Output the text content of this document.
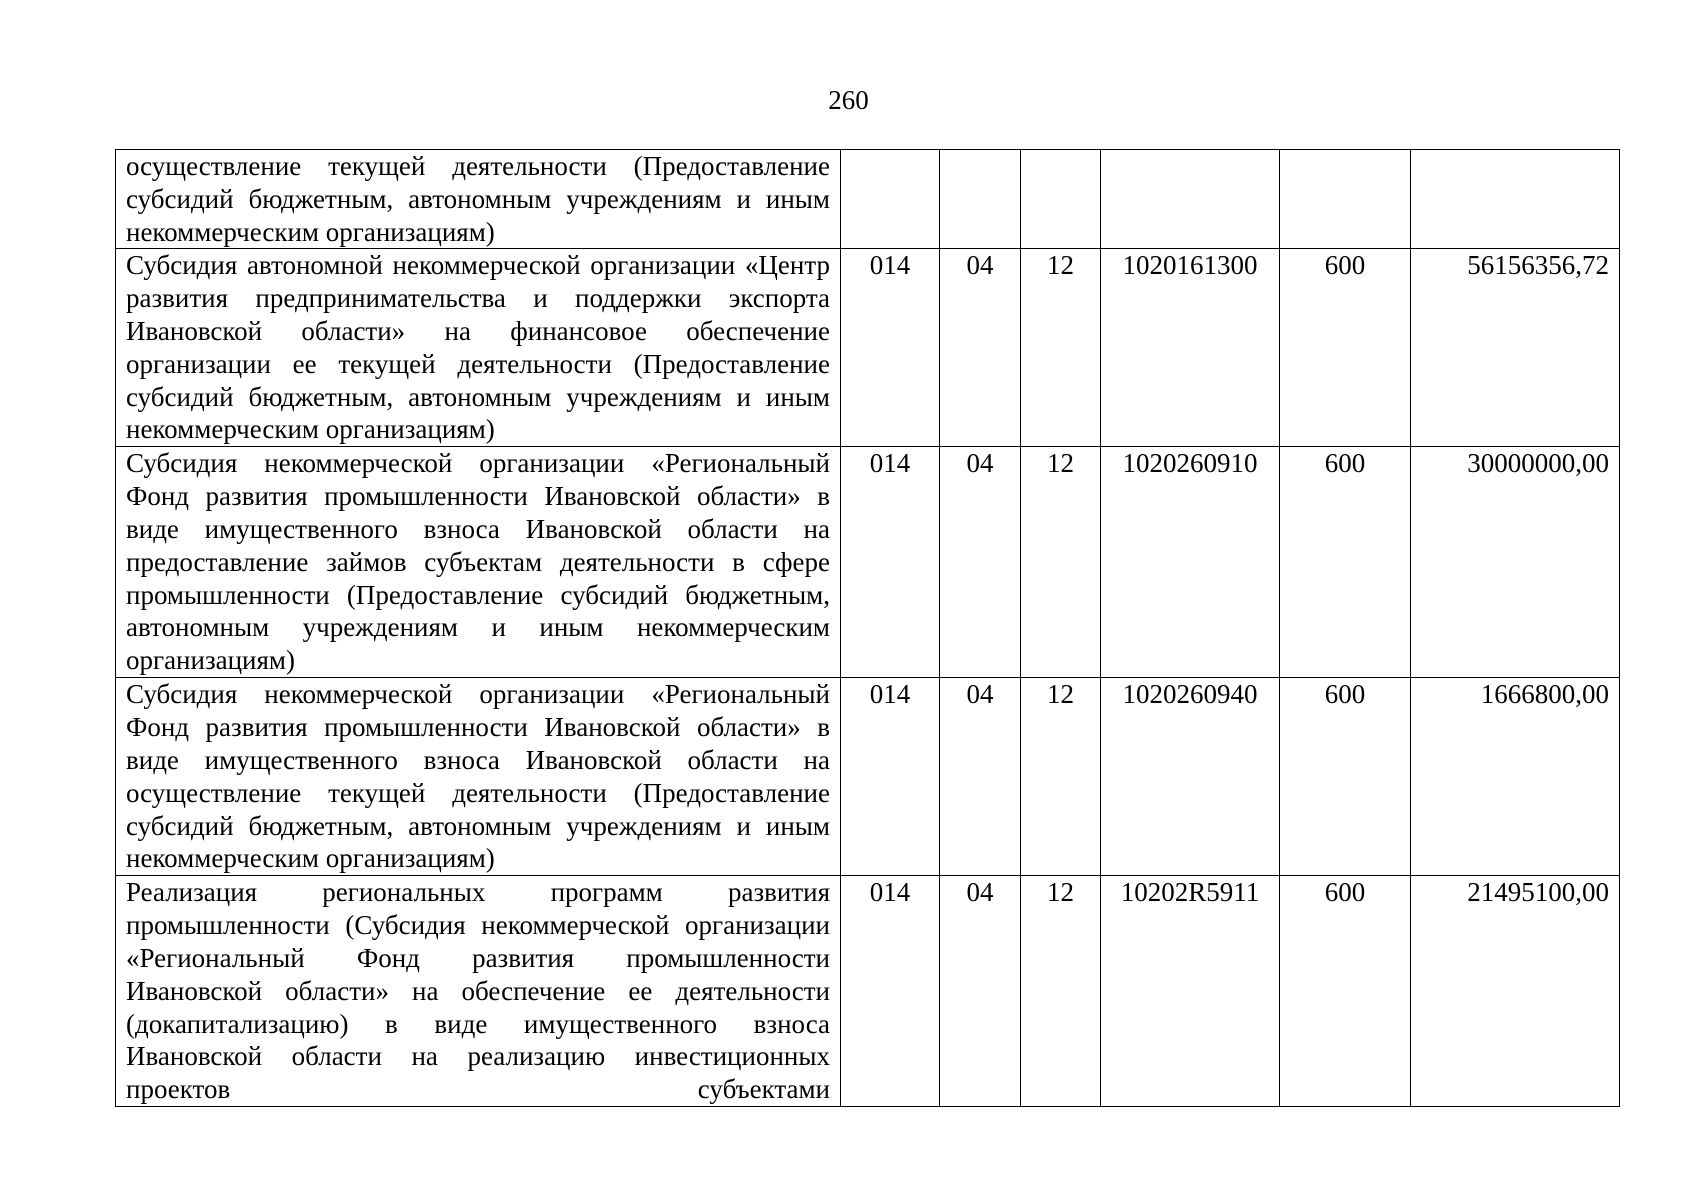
260
осуществление текущей деятельности (Предоставление субсидий бюджетным, автономным учреждениям и иным некоммерческим организациям)						
Субсидия автономной некоммерческой организации «Центр развития предпринимательства и поддержки экспорта Ивановской области» на финансовое обеспечение организации ее текущей деятельности (Предоставление субсидий бюджетным, автономным учреждениям и иным некоммерческим организациям)	014	04	12	1020161300	600	56156356,72
Субсидия некоммерческой организации «Региональный Фонд развития промышленности Ивановской области» в виде имущественного взноса Ивановской области на предоставление займов субъектам деятельности в сфере промышленности (Предоставление субсидий бюджетным, автономным учреждениям и иным некоммерческим организациям)	014	04	12	1020260910	600	30000000,00
Субсидия некоммерческой организации «Региональный Фонд развития промышленности Ивановской области» в виде имущественного взноса Ивановской области на осуществление текущей деятельности (Предоставление субсидий бюджетным, автономным учреждениям и иным некоммерческим организациям)	014	04	12	1020260940	600	1666800,00
Реализация региональных программ развития промышленности (Субсидия некоммерческой организации «Региональный Фонд развития промышленности Ивановской области» на обеспечение ее деятельности (докапитализацию) в виде имущественного взноса Ивановской области на реализацию инвестиционных проектов субъектами	014	04	12	10202R5911	600	21495100,00
